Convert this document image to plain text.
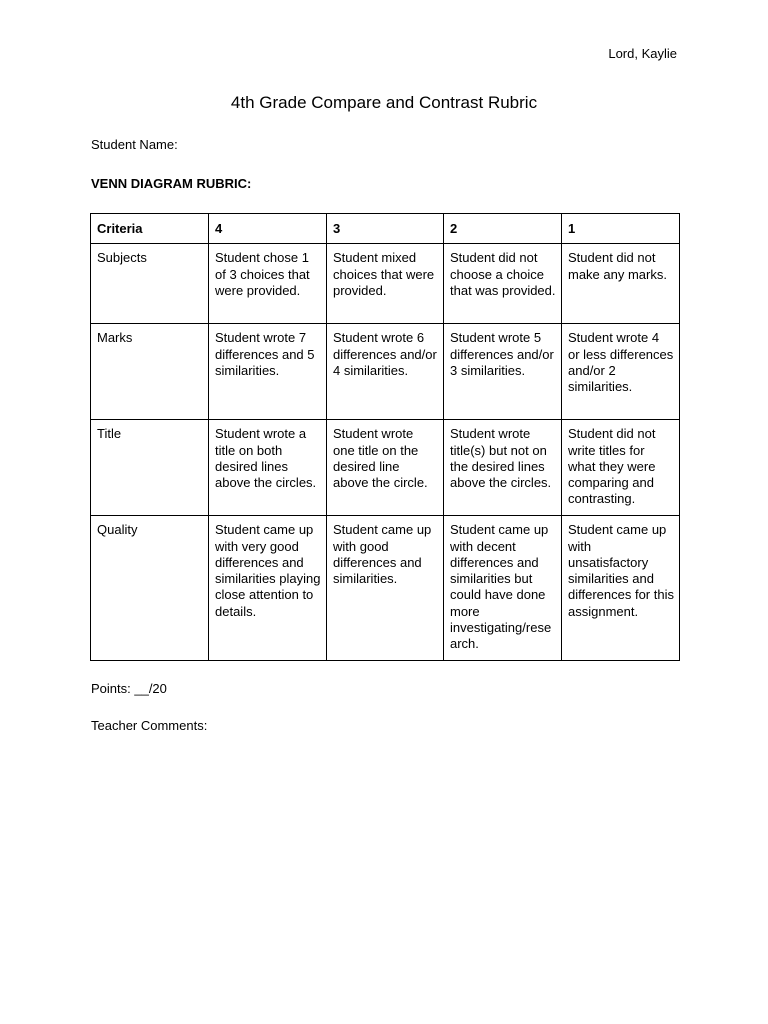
Lord, Kaylie
4th Grade Compare and Contrast Rubric
Student Name:
VENN DIAGRAM RUBRIC:
Criteria	4	3	2	1
Subjects	Student chose 1 of 3 choices that were provided.	Student mixed choices that were provided.	Student did not choose a choice that was provided.	Student did not make any marks.
Marks	Student wrote 7 differences and 5 similarities.	Student wrote 6 differences and/or 4 similarities.	Student wrote 5 differences and/or 3 similarities.	Student wrote 4 or less differences and/or 2 similarities.
Title	Student wrote a title on both desired lines above the circles.	Student wrote one title on the desired line above the circle.	Student wrote title(s) but not on the desired lines above the circles.	Student did not write titles for what they were comparing and contrasting.
Quality	Student came up with very good differences and similarities playing close attention to details.	Student came up with good differences and similarities.	Student came up with decent differences and similarities but could have done more investigating/research.	Student came up with unsatisfactory similarities and differences for this assignment.
Points: __/20
Teacher Comments:
